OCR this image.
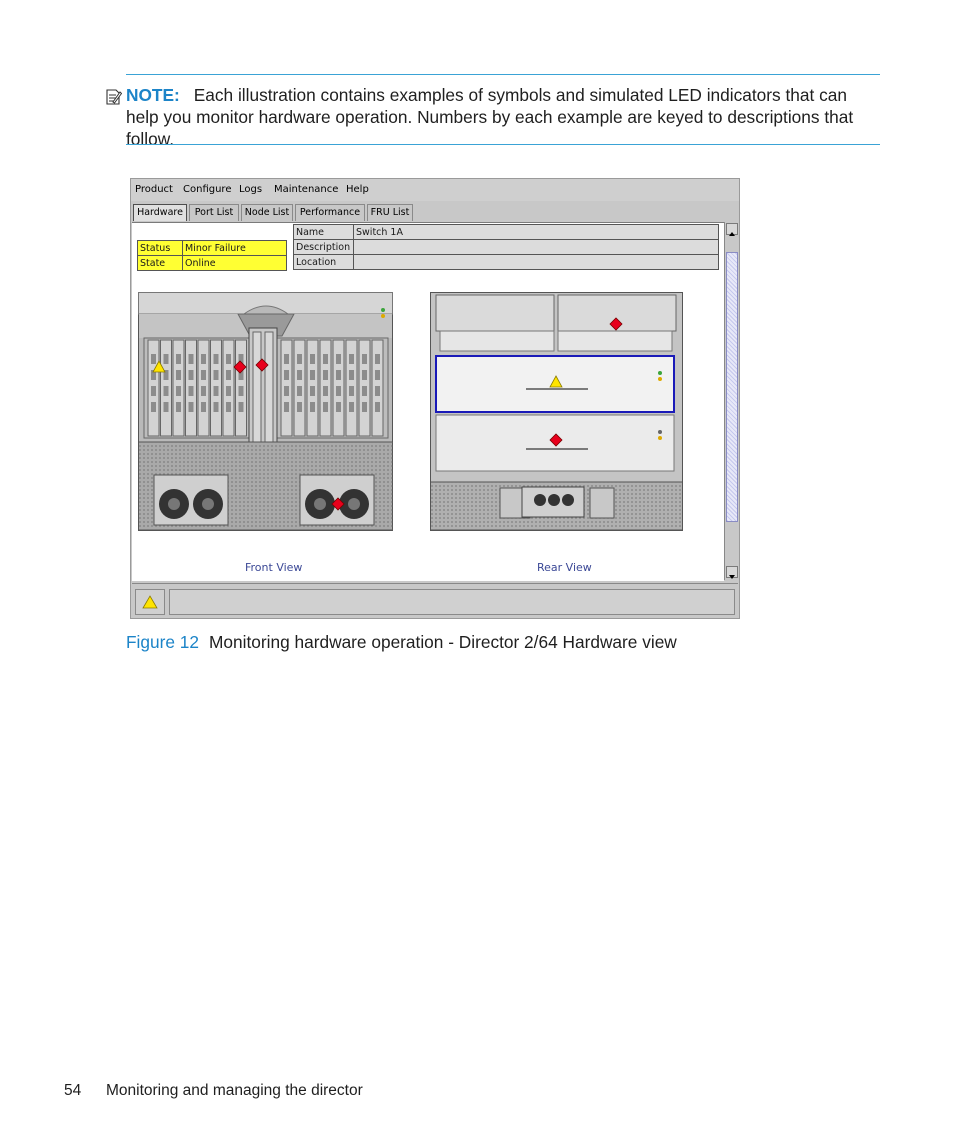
NOTE: Each illustration contains examples of symbols and simulated LED indicators that can help you monitor hardware operation. Numbers by each example are keyed to descriptions that follow.
Product Configure Logs Maintenance Help
Hardware	Port List	Node List	Performance	FRU List
Status	Minor Failure
State	Online
Name	Switch 1A
Description	
Location	
Front View	Rear View
Figure 12 Monitoring hardware operation - Director 2/64 Hardware view
54 Monitoring and managing the director
